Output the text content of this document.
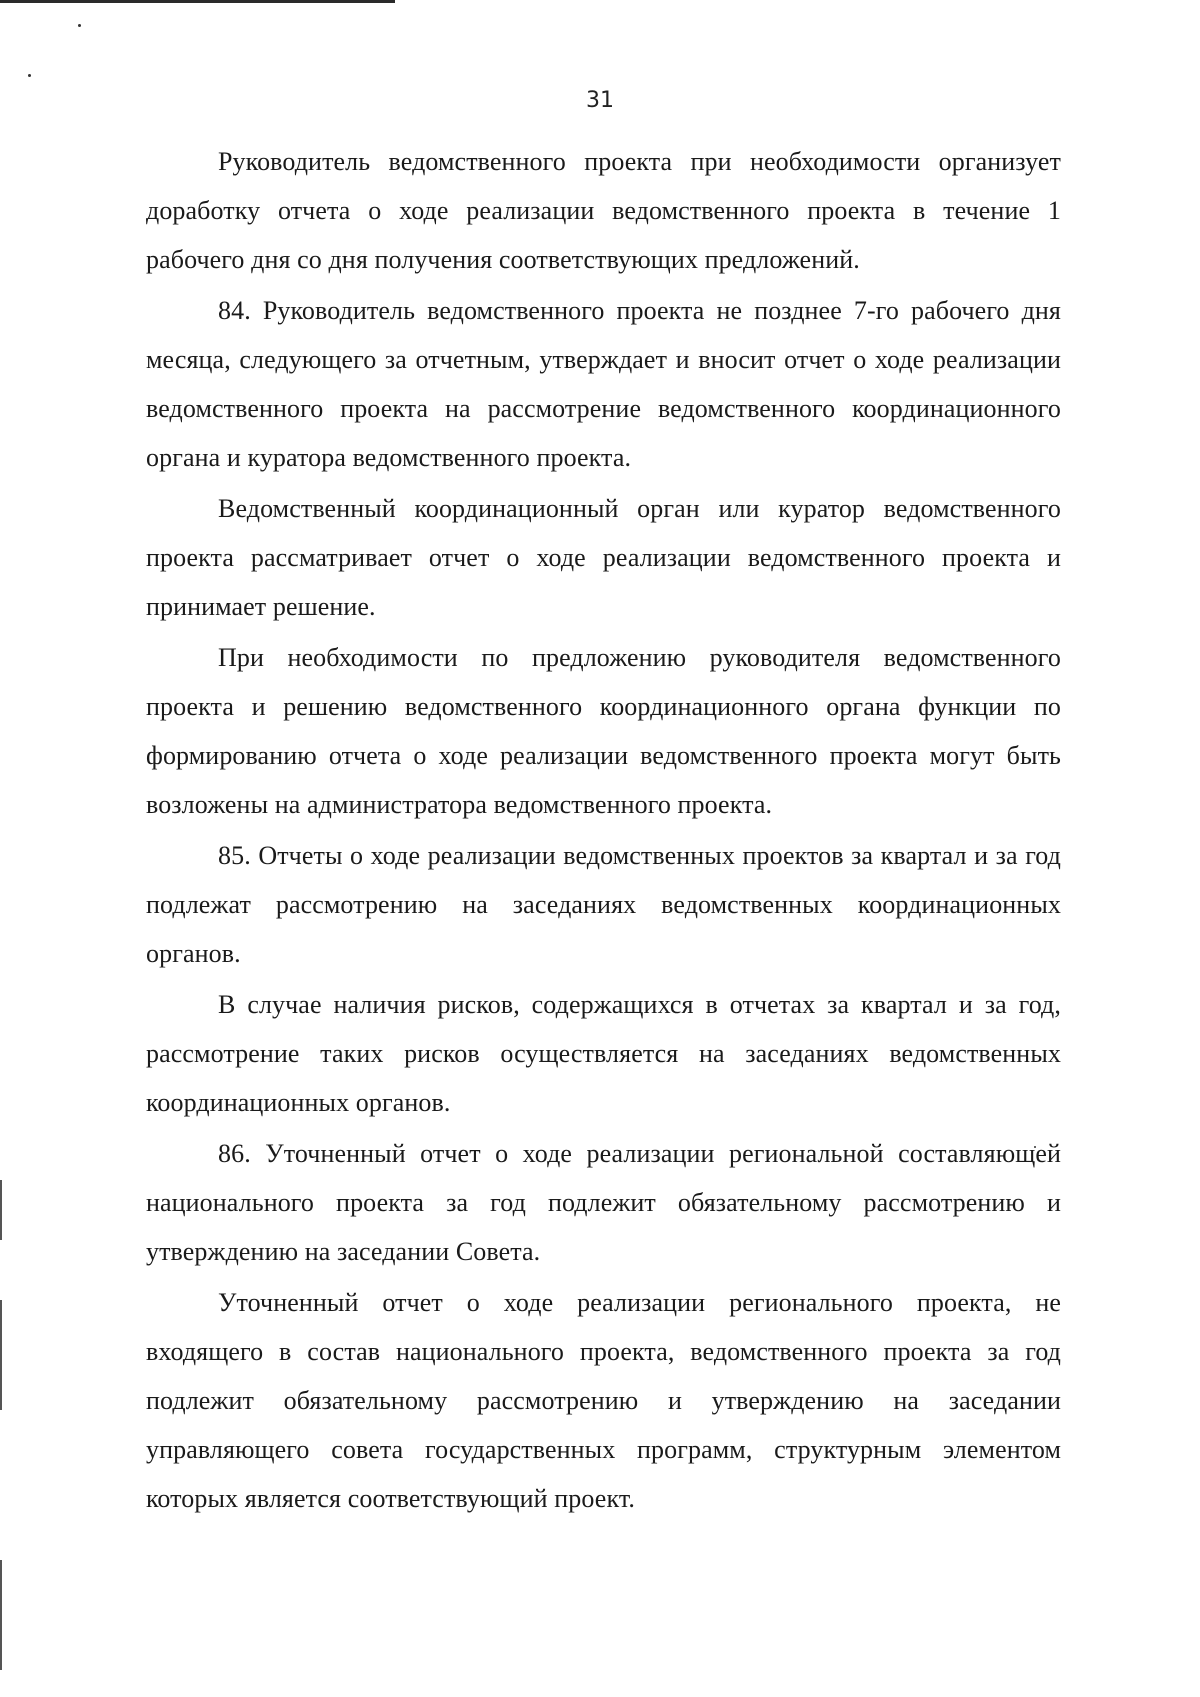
31

Руководитель ведомственного проекта при необходимости организует доработку отчета о ходе реализации ведомственного проекта в течение 1 рабочего дня со дня получения соответствующих предложений.

84. Руководитель ведомственного проекта не позднее 7-го рабочего дня месяца, следующего за отчетным, утверждает и вносит отчет о ходе реализации ведомственного проекта на рассмотрение ведомственного координационного органа и куратора ведомственного проекта.

Ведомственный координационный орган или куратор ведомственного проекта рассматривает отчет о ходе реализации ведомственного проекта и принимает решение.

При необходимости по предложению руководителя ведомственного проекта и решению ведомственного координационного органа функции по формированию отчета о ходе реализации ведомственного проекта могут быть возложены на администратора ведомственного проекта.

85. Отчеты о ходе реализации ведомственных проектов за квартал и за год подлежат рассмотрению на заседаниях ведомственных координационных органов.

В случае наличия рисков, содержащихся в отчетах за квартал и за год, рассмотрение таких рисков осуществляется на заседаниях ведомственных координационных органов.

86. Уточненный отчет о ходе реализации региональной составляющей национального проекта за год подлежит обязательному рассмотрению и утверждению на заседании Совета.

Уточненный отчет о ходе реализации регионального проекта, не входящего в состав национального проекта, ведомственного проекта за год подлежит обязательному рассмотрению и утверждению на заседании управляющего совета государственных программ, структурным элементом которых является соответствующий проект.
